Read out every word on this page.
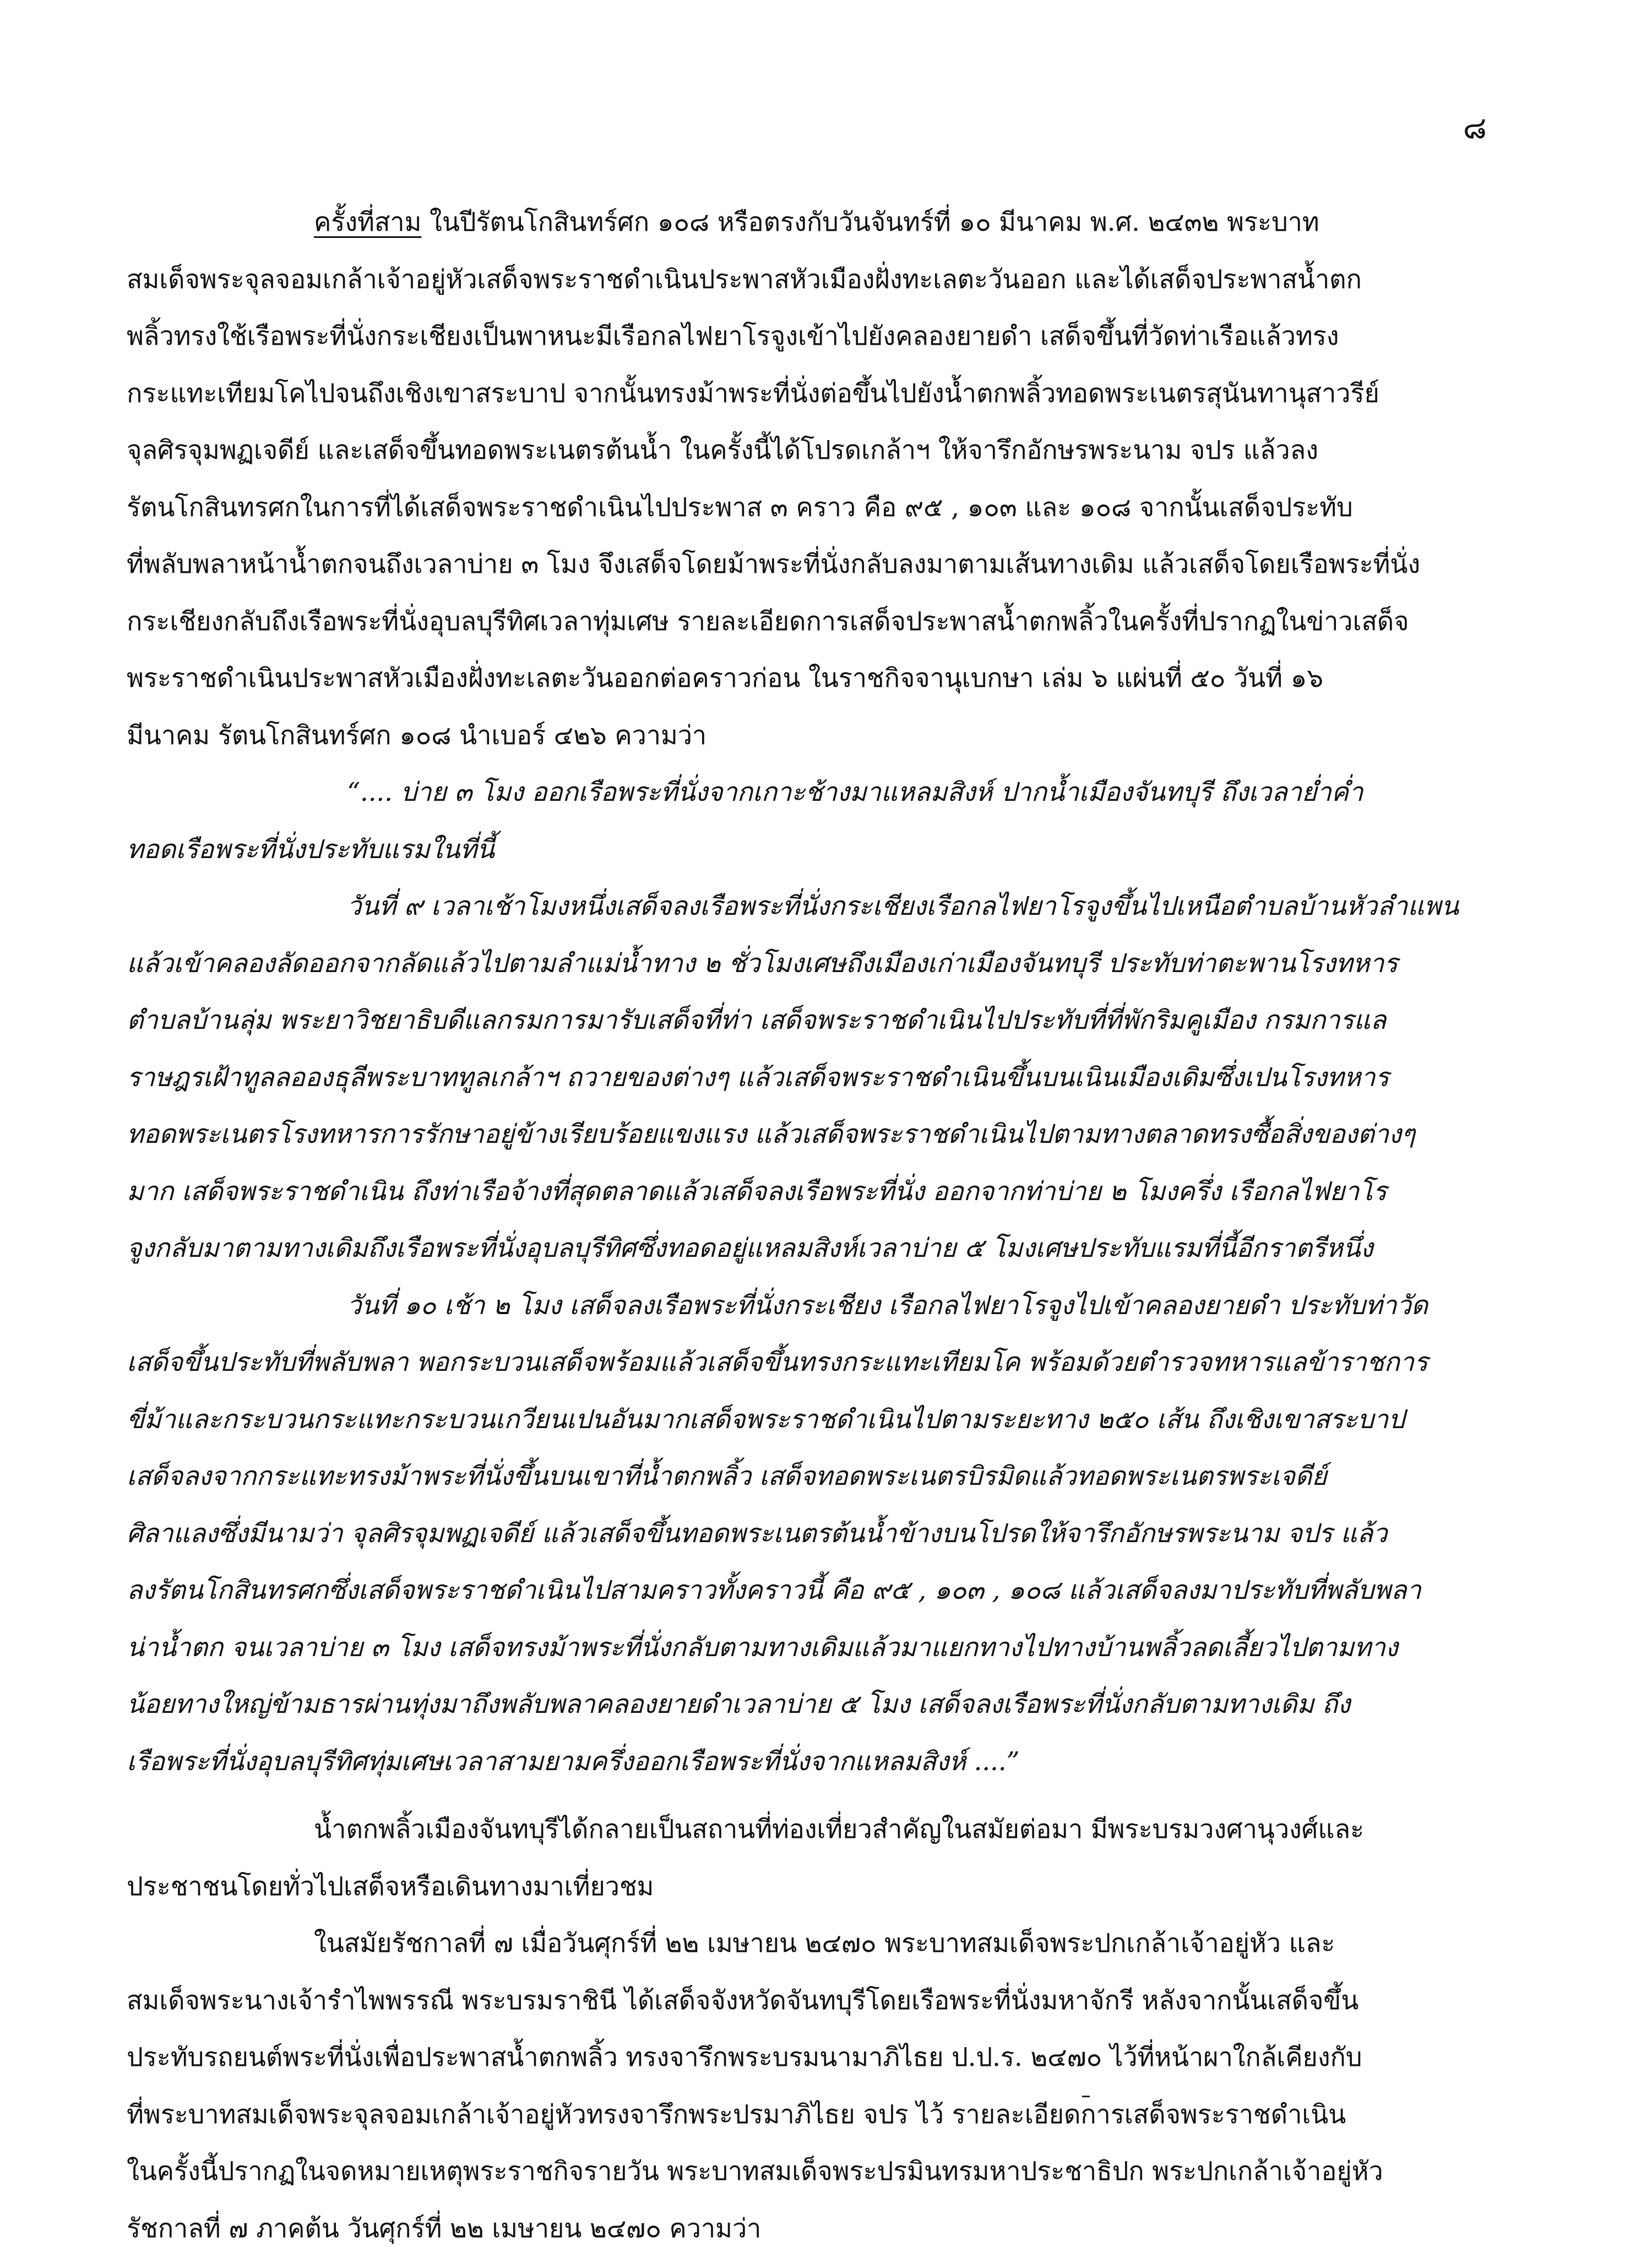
๘
ครั้งที่สาม ในปีรัตนโกสินทร์ศก ๑๐๘ หรือตรงกับวันจันทร์ที่ ๑๐ มีนาคม พ.ศ. ๒๔๓๒ พระบาท
สมเด็จพระจุลจอมเกล้าเจ้าอยู่หัวเสด็จพระราชดำเนินประพาสหัวเมืองฝั่งทะเลตะวันออก และได้เสด็จประพาสน้ำตก
พลิ้วทรงใช้เรือพระที่นั่งกระเชียงเป็นพาหนะมีเรือกลไฟยาโรจูงเข้าไปยังคลองยายดำ เสด็จขึ้นที่วัดท่าเรือแล้วทรง
กระแทะเทียมโคไปจนถึงเชิงเขาสระบาป จากนั้นทรงม้าพระที่นั่งต่อขึ้นไปยังน้ำตกพลิ้วทอดพระเนตรสุนันทานุสาวรีย์
จุลศิรจุมพฏเจดีย์ และเสด็จขึ้นทอดพระเนตรต้นน้ำ ในครั้งนี้ได้โปรดเกล้าฯ ให้จารึกอักษรพระนาม จปร แล้วลง
รัตนโกสินทรศกในการที่ได้เสด็จพระราชดำเนินไปประพาส ๓ คราว คือ ๙๕ , ๑๐๓ และ ๑๐๘ จากนั้นเสด็จประทับ
ที่พลับพลาหน้าน้ำตกจนถึงเวลาบ่าย ๓ โมง จึงเสด็จโดยม้าพระที่นั่งกลับลงมาตามเส้นทางเดิม แล้วเสด็จโดยเรือพระที่นั่ง
กระเชียงกลับถึงเรือพระที่นั่งอุบลบุรีทิศเวลาทุ่มเศษ รายละเอียดการเสด็จประพาสน้ำตกพลิ้วในครั้งที่ปรากฏในข่าวเสด็จ
พระราชดำเนินประพาสหัวเมืองฝั่งทะเลตะวันออกต่อคราวก่อน ในราชกิจจานุเบกษา เล่ม ๖ แผ่นที่ ๕๐ วันที่ ๑๖
มีนาคม รัตนโกสินทร์ศก ๑๐๘ นำเบอร์ ๔๒๖ ความว่า
“.... บ่าย ๓ โมง ออกเรือพระที่นั่งจากเกาะช้างมาแหลมสิงห์ ปากน้ำเมืองจันทบุรี ถึงเวลาย่ำค่ำ
ทอดเรือพระที่นั่งประทับแรมในที่นี้
วันที่ ๙ เวลาเช้าโมงหนึ่งเสด็จลงเรือพระที่นั่งกระเชียงเรือกลไฟยาโรจูงขึ้นไปเหนือตำบลบ้านหัวลำแพน
แล้วเข้าคลองลัดออกจากลัดแล้วไปตามลำแม่น้ำทาง ๒ ชั่วโมงเศษถึงเมืองเก่าเมืองจันทบุรี ประทับท่าตะพานโรงทหาร
ตำบลบ้านลุ่ม พระยาวิชยาธิบดีแลกรมการมารับเสด็จที่ท่า เสด็จพระราชดำเนินไปประทับที่ที่พักริมคูเมือง กรมการแล
ราษฎรเฝ้าทูลลอองธุลีพระบาททูลเกล้าฯ ถวายของต่างๆ แล้วเสด็จพระราชดำเนินขึ้นบนเนินเมืองเดิมซึ่งเปนโรงทหาร
ทอดพระเนตรโรงทหารการรักษาอยู่ข้างเรียบร้อยแขงแรง แล้วเสด็จพระราชดำเนินไปตามทางตลาดทรงซื้อสิ่งของต่างๆ
มาก เสด็จพระราชดำเนิน ถึงท่าเรือจ้างที่สุดตลาดแล้วเสด็จลงเรือพระที่นั่ง ออกจากท่าบ่าย ๒ โมงครึ่ง เรือกลไฟยาโร
จูงกลับมาตามทางเดิมถึงเรือพระที่นั่งอุบลบุรีทิศซึ่งทอดอยู่แหลมสิงห์เวลาบ่าย ๕ โมงเศษประทับแรมที่นี้อีกราตรีหนึ่ง
วันที่ ๑๐ เช้า ๒ โมง เสด็จลงเรือพระที่นั่งกระเชียง เรือกลไฟยาโรจูงไปเข้าคลองยายดำ ประทับท่าวัด
เสด็จขึ้นประทับที่พลับพลา พอกระบวนเสด็จพร้อมแล้วเสด็จขึ้นทรงกระแทะเทียมโค พร้อมด้วยตำรวจทหารแลข้าราชการ
ขี่ม้าและกระบวนกระแทะกระบวนเกวียนเปนอันมากเสด็จพระราชดำเนินไปตามระยะทาง ๒๕๐ เส้น ถึงเชิงเขาสระบาป
เสด็จลงจากกระแทะทรงม้าพระที่นั่งขึ้นบนเขาที่น้ำตกพลิ้ว เสด็จทอดพระเนตรบิรมิดแล้วทอดพระเนตรพระเจดีย์
ศิลาแลงซึ่งมีนามว่า จุลศิรจุมพฏเจดีย์ แล้วเสด็จขึ้นทอดพระเนตรต้นน้ำข้างบนโปรดให้จารึกอักษรพระนาม จปร แล้ว
ลงรัตนโกสินทรศกซึ่งเสด็จพระราชดำเนินไปสามคราวทั้งคราวนี้ คือ ๙๕ , ๑๐๓ , ๑๐๘ แล้วเสด็จลงมาประทับที่พลับพลา
น่าน้ำตก จนเวลาบ่าย ๓ โมง เสด็จทรงม้าพระที่นั่งกลับตามทางเดิมแล้วมาแยกทางไปทางบ้านพลิ้วลดเลี้ยวไปตามทาง
น้อยทางใหญ่ข้ามธารผ่านทุ่งมาถึงพลับพลาคลองยายดำเวลาบ่าย ๕ โมง เสด็จลงเรือพระที่นั่งกลับตามทางเดิม ถึง
เรือพระที่นั่งอุบลบุรีทิศทุ่มเศษเวลาสามยามครึ่งออกเรือพระที่นั่งจากแหลมสิงห์ ....”
น้ำตกพลิ้วเมืองจันทบุรีได้กลายเป็นสถานที่ท่องเที่ยวสำคัญในสมัยต่อมา มีพระบรมวงศานุวงศ์และ
ประชาชนโดยทั่วไปเสด็จหรือเดินทางมาเที่ยวชม
ในสมัยรัชกาลที่ ๗ เมื่อวันศุกร์ที่ ๒๒ เมษายน ๒๔๗๐ พระบาทสมเด็จพระปกเกล้าเจ้าอยู่หัว และ
สมเด็จพระนางเจ้ารำไพพรรณี พระบรมราชินี ได้เสด็จจังหวัดจันทบุรีโดยเรือพระที่นั่งมหาจักรี หลังจากนั้นเสด็จขึ้น
ประทับรถยนต์พระที่นั่งเพื่อประพาสน้ำตกพลิ้ว ทรงจารึกพระบรมนามาภิไธย ป.ป.ร. ๒๔๗๐ ไว้ที่หน้าผาใกล้เคียงกับ
ที่พระบาทสมเด็จพระจุลจอมเกล้าเจ้าอยู่หัวทรงจารึกพระปรมาภิไธย จปร ไว้ รายละเอียดการเสด็จพระราชดำเนิน
ในครั้งนี้ปรากฏในจดหมายเหตุพระราชกิจรายวัน พระบาทสมเด็จพระปรมินทรมหาประชาธิปก พระปกเกล้าเจ้าอยู่หัว
รัชกาลที่ ๗ ภาคต้น วันศุกร์ที่ ๒๒ เมษายน ๒๔๗๐ ความว่า
